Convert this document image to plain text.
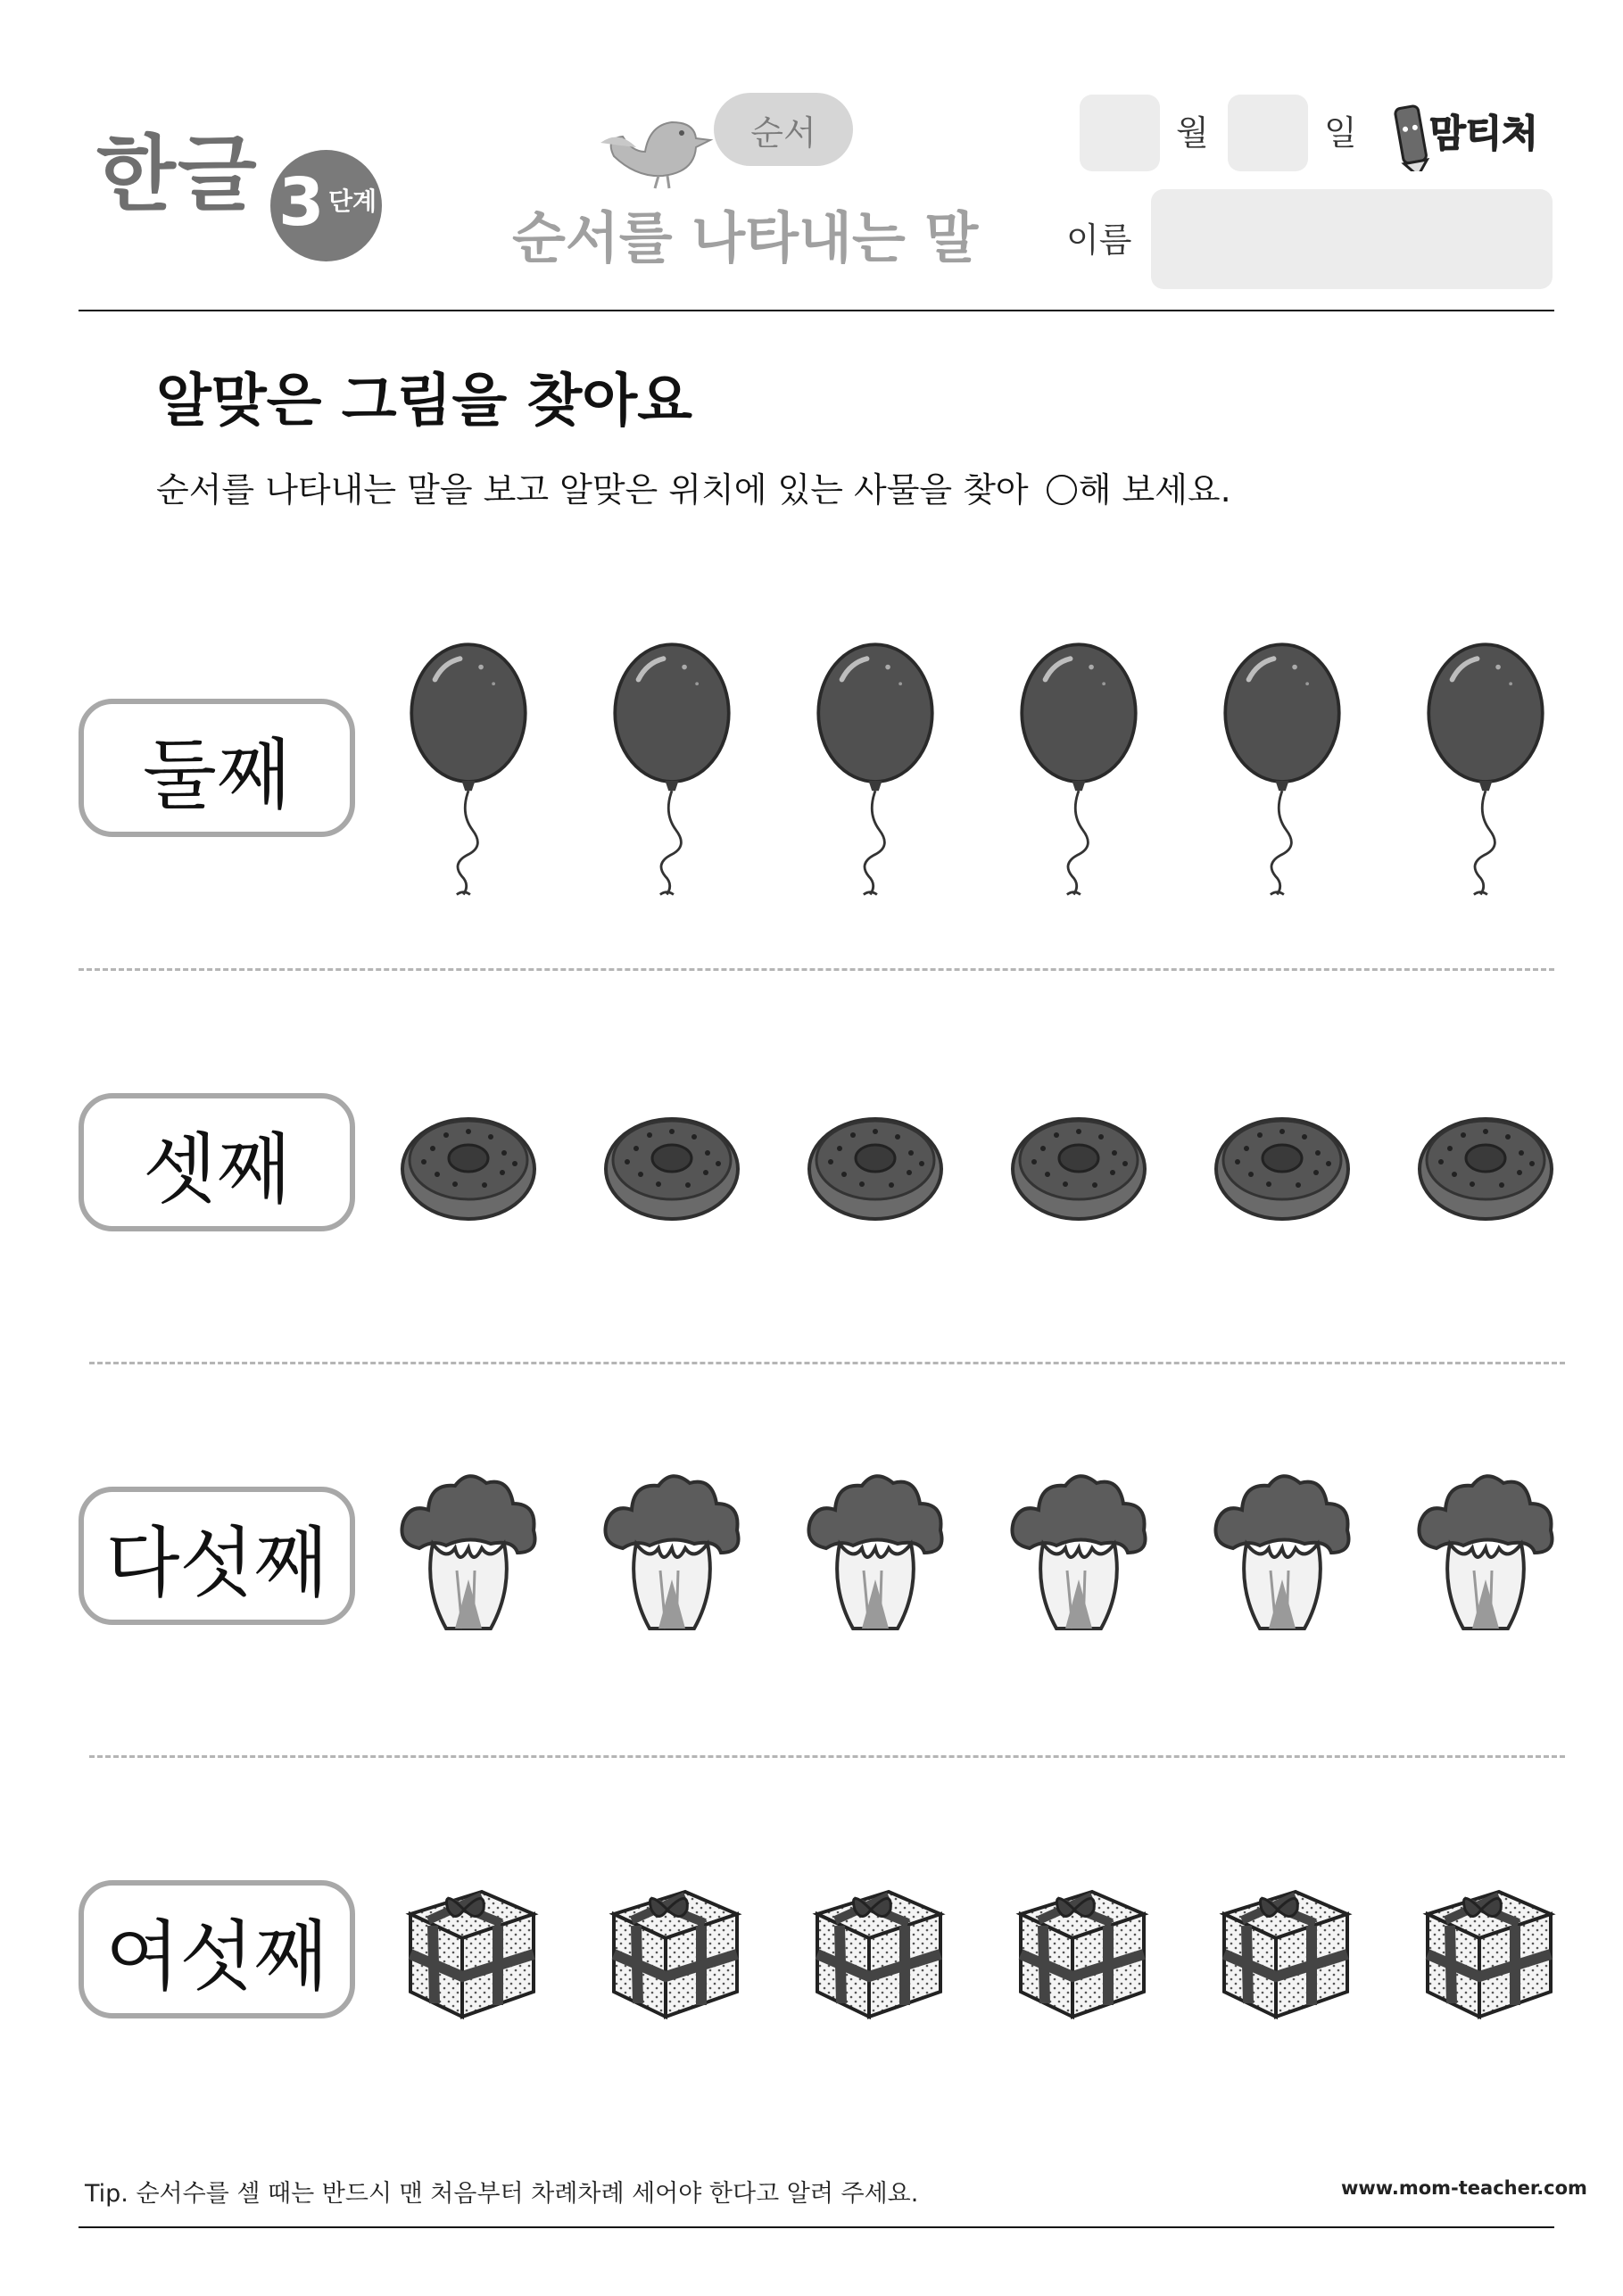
한글 3 단계
순서
순서를 나타내는 말
월	일 맘티처
이름
알맞은 그림을 찾아요
순서를 나타내는 말을 보고 알맞은 위치에 있는 사물을 찾아 ○ 해 보세요.
둘째
셋째
다섯째
여섯째
Tip. 순서수를 셀 때는 반드시 맨 처음부터 차례차례 세어야 한다고 알려 주세요.	www.mom-teacher.com
